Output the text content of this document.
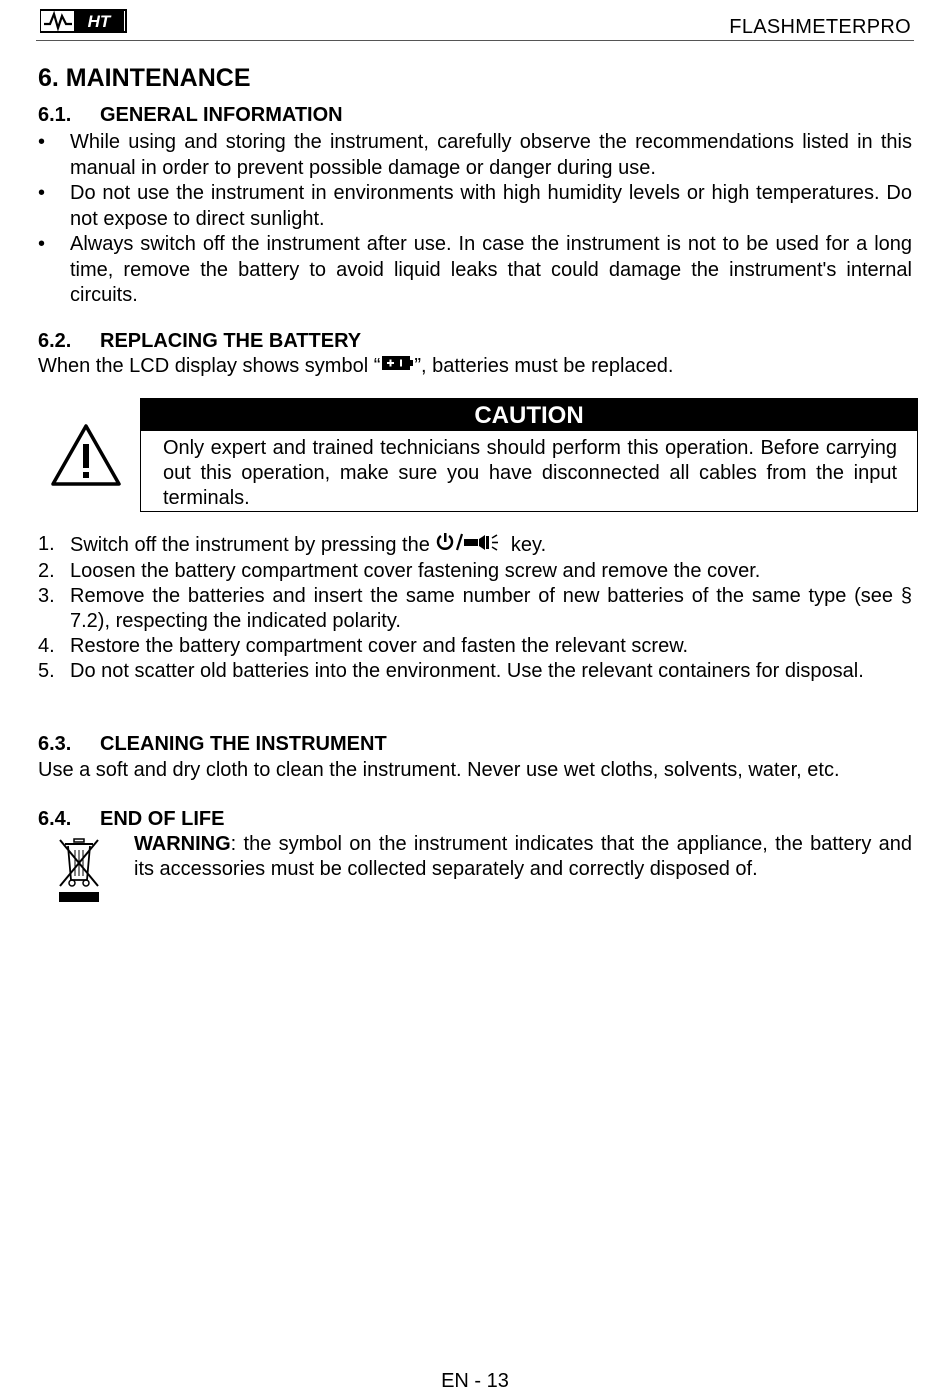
HT	FLASHMETERPRO
6. MAINTENANCE
6.1. GENERAL INFORMATION
• While using and storing the instrument, carefully observe the recommendations listed in this manual in order to prevent possible damage or danger during use.
• Do not use the instrument in environments with high humidity levels or high temperatures. Do not expose to direct sunlight.
• Always switch off the instrument after use. In case the instrument is not to be used for a long time, remove the battery to avoid liquid leaks that could damage the instrument's internal circuits.
6.2. REPLACING THE BATTERY
When the LCD display shows symbol “ ”, batteries must be replaced.
CAUTION
Only expert and trained technicians should perform this operation. Before carrying out this operation, make sure you have disconnected all cables from the input terminals.
1. Switch off the instrument by pressing the	key.
2. Loosen the battery compartment cover fastening screw and remove the cover.
3. Remove the batteries and insert the same number of new batteries of the same type (see § 7.2), respecting the indicated polarity.
4. Restore the battery compartment cover and fasten the relevant screw.
5. Do not scatter old batteries into the environment. Use the relevant containers for disposal.
6.3. CLEANING THE INSTRUMENT
Use a soft and dry cloth to clean the instrument. Never use wet cloths, solvents, water, etc.
6.4. END OF LIFE
WARNING: the symbol on the instrument indicates that the appliance, the battery and its accessories must be collected separately and correctly disposed of.
EN - 13
